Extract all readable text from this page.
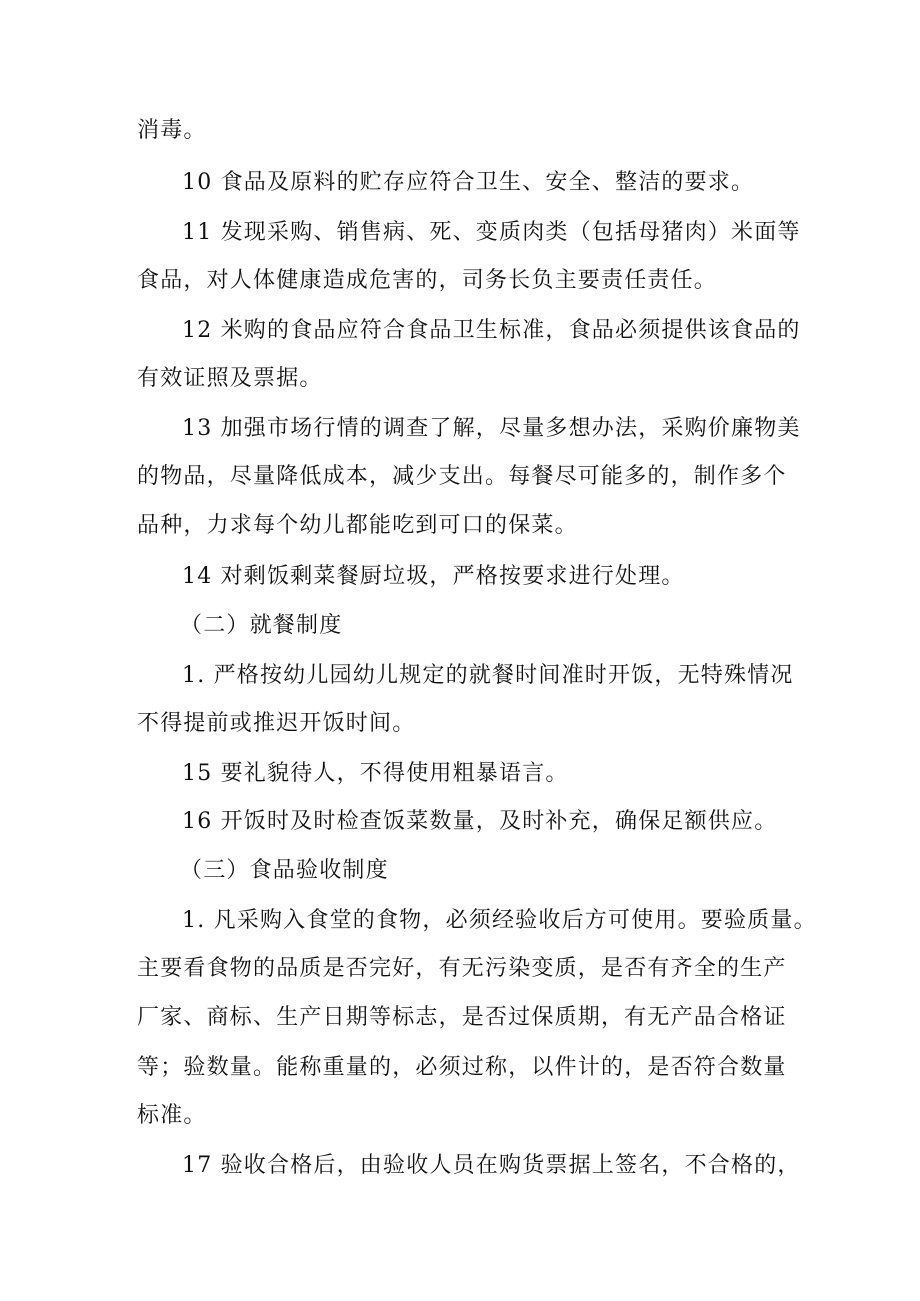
消毒。
10 食品及原料的贮存应符合卫生、安全、整洁的要求。
11 发现采购、销售病、死、变质肉类（包括母猪肉）米面等
食品，对人体健康造成危害的，司务长负主要责任责任。
12 米购的食品应符合食品卫生标准，食品必须提供该食品的
有效证照及票据。
13 加强市场行情的调查了解，尽量多想办法，采购价廉物美
的物品，尽量降低成本，减少支出。每餐尽可能多的，制作多个
品种，力求每个幼儿都能吃到可口的保菜。
14 对剩饭剩菜餐厨垃圾，严格按要求进行处理。
（二）就餐制度
1. 严格按幼儿园幼儿规定的就餐时间准时开饭，无特殊情况
不得提前或推迟开饭时间。
15 要礼貌待人，不得使用粗暴语言。
16 开饭时及时检查饭菜数量，及时补充，确保足额供应。
（三）食品验收制度
1. 凡采购入食堂的食物，必须经验收后方可使用。要验质量。
主要看食物的品质是否完好，有无污染变质，是否有齐全的生产
厂家、商标、生产日期等标志，是否过保质期，有无产品合格证
等；验数量。能称重量的，必须过称，以件计的，是否符合数量
标准。
17 验收合格后，由验收人员在购货票据上签名，不合格的，
